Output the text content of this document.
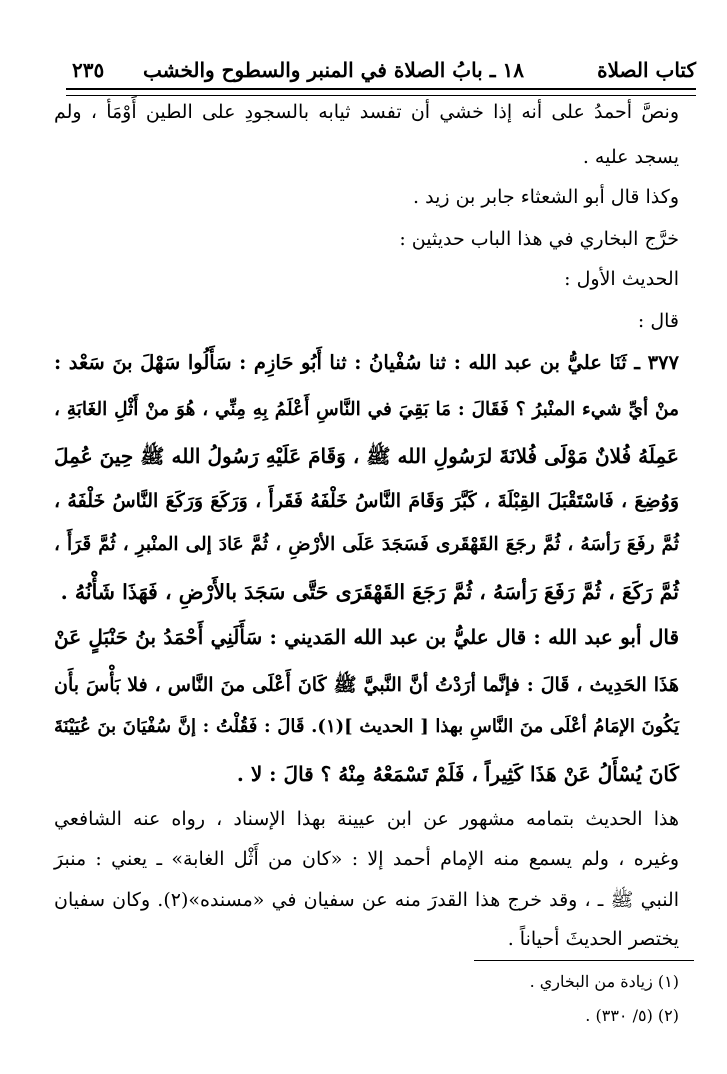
كتاب الصلاة
١٨ ـ بابُ الصلاة في المنبر والسطوح والخشب
٢٣٥
ونصَّ أحمدُ على أنه إذا خشي أن تفسد ثيابه بالسجودِ على الطين أَوْمَأ ، ولم
يسجد عليه .
وكذا قال أبو الشعثاء جابر بن زيد .
خرَّج البخاري في هذا الباب حديثين :
الحديث الأول :
قال :
٣٧٧ ـ ثَنَا عليُّ بن عبد الله : ثنا سُفْيانُ : ثنا أَبُو حَازِم : سَأَلُوا سَهْلَ بنَ سَعْد :
منْ أيِّ شيء المنْبرُ ؟ فَقَالَ : مَا بَقِيَ في النَّاسِ أَعْلَمُ بِهِ مِنِّي ، هُوَ منْ أَثْلِ الغَابَةِ ،
عَمِلَهُ فُلانٌ مَوْلَى فُلانَةَ لرَسُولِ الله ﷺ ، وَقَامَ عَلَيْهِ رَسُولُ الله ﷺ حِينَ عُمِلَ
وَوُضِعَ ، فَاسْتَقْبَلَ القِبْلَةَ ، كَبَّرَ وَقَامَ النَّاسُ خَلْفَهُ فَقَرأَ ، وَرَكَعَ وَرَكَعَ النَّاسُ خَلْفَهُ ،
ثُمَّ رفَعَ رَأسَهُ ، ثُمَّ رجَعَ القَهْقَرى فَسَجَدَ عَلَى الأرْضِ ، ثُمَّ عَادَ إلى المنْبرِ ، ثُمَّ قَرَأَ ،
ثُمَّ رَكَعَ ، ثُمَّ رَفَعَ رَأسَهُ ، ثُمَّ رَجَعَ القَهْقَرَى حَتَّى سَجَدَ بالأَرْضِ ، فَهَذَا شَأْنُهُ .
قال أبو عبد الله : قال عليُّ بن عبد الله المَديني : سَأَلَنِي أَحْمَدُ بنُ حَنْبَلٍ عَنْ
هَذَا الحَدِيث ، قَالَ : فإنَّما أرَدْتُ أنَّ النَّبيَّ ﷺ كَانَ أَعْلَى منَ النَّاس ، فلا بَأْسَ بأَن
يَكُونَ الإمَامُ أعْلَى منَ النَّاسِ بهذا [ الحديث ](١). قَالَ : فَقُلْتُ : إنَّ سُفْيَانَ بنَ عُيَيْنَةَ
كَانَ يُسْأَلُ عَنْ هَذَا كَثِيراً ، فَلَمْ تَسْمَعْهُ مِنْهُ ؟ قالَ : لا .
هذا الحديث بتمامه مشهور عن ابن عيينة بهذا الإسناد ، رواه عنه الشافعي
وغيره ، ولم يسمع منه الإمام أحمد إلا : «كان من أَثْل الغابة» ـ يعني : منبرَ
النبي ﷺ ـ ، وقد خرج هذا القدرَ منه عن سفيان في «مسنده»(٢). وكان سفيان
يختصر الحديثَ أحياناً .
(١) زيادة من البخاري .
(٢) (٥/ ٣٣٠) .
